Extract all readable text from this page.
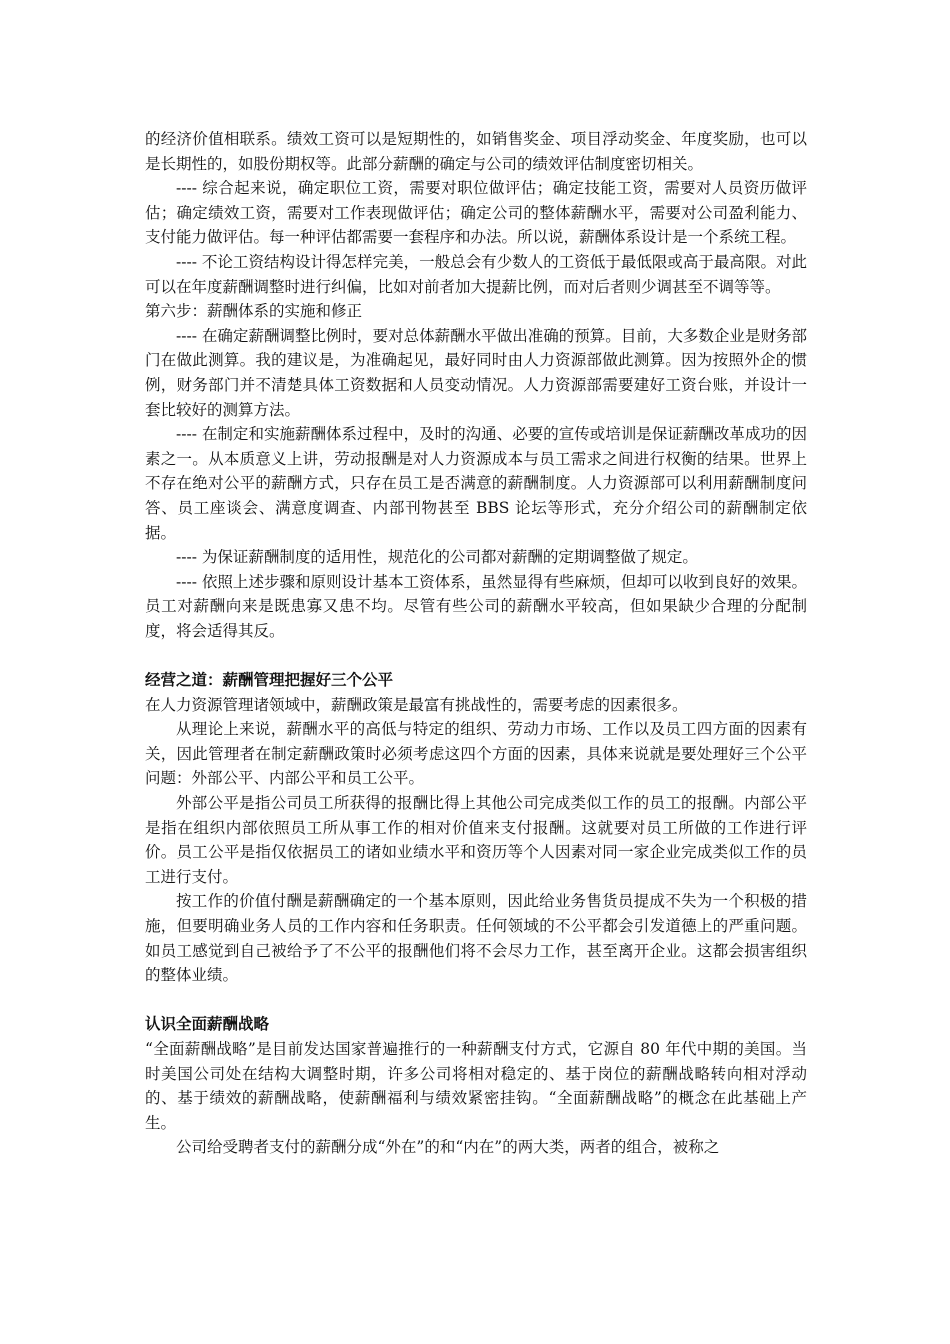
的经济价值相联系。绩效工资可以是短期性的，如销售奖金、项目浮动奖金、年度奖励，也可以是长期性的，如股份期权等。此部分薪酬的确定与公司的绩效评估制度密切相关。

---- 综合起来说，确定职位工资，需要对职位做评估；确定技能工资，需要对人员资历做评估；确定绩效工资，需要对工作表现做评估；确定公司的整体薪酬水平，需要对公司盈利能力、支付能力做评估。每一种评估都需要一套程序和办法。所以说，薪酬体系设计是一个系统工程。

---- 不论工资结构设计得怎样完美，一般总会有少数人的工资低于最低限或高于最高限。对此可以在年度薪酬调整时进行纠偏，比如对前者加大提薪比例，而对后者则少调甚至不调等等。

第六步：薪酬体系的实施和修正

---- 在确定薪酬调整比例时，要对总体薪酬水平做出准确的预算。目前，大多数企业是财务部门在做此测算。我的建议是，为准确起见，最好同时由人力资源部做此测算。因为按照外企的惯例，财务部门并不清楚具体工资数据和人员变动情况。人力资源部需要建好工资台账，并设计一套比较好的测算方法。

---- 在制定和实施薪酬体系过程中，及时的沟通、必要的宣传或培训是保证薪酬改革成功的因素之一。从本质意义上讲，劳动报酬是对人力资源成本与员工需求之间进行权衡的结果。世界上不存在绝对公平的薪酬方式，只存在员工是否满意的薪酬制度。人力资源部可以利用薪酬制度问答、员工座谈会、满意度调查、内部刊物甚至 BBS 论坛等形式，充分介绍公司的薪酬制定依据。

---- 为保证薪酬制度的适用性，规范化的公司都对薪酬的定期调整做了规定。

---- 依照上述步骤和原则设计基本工资体系，虽然显得有些麻烦，但却可以收到良好的效果。员工对薪酬向来是既患寡又患不均。尽管有些公司的薪酬水平较高，但如果缺少合理的分配制度，将会适得其反。

经营之道：薪酬管理把握好三个公平

在人力资源管理诸领域中，薪酬政策是最富有挑战性的，需要考虑的因素很多。

从理论上来说，薪酬水平的高低与特定的组织、劳动力市场、工作以及员工四方面的因素有关，因此管理者在制定薪酬政策时必须考虑这四个方面的因素，具体来说就是要处理好三个公平问题：外部公平、内部公平和员工公平。

外部公平是指公司员工所获得的报酬比得上其他公司完成类似工作的员工的报酬。内部公平是指在组织内部依照员工所从事工作的相对价值来支付报酬。这就要对员工所做的工作进行评价。员工公平是指仅依据员工的诸如业绩水平和资历等个人因素对同一家企业完成类似工作的员工进行支付。

按工作的价值付酬是薪酬确定的一个基本原则，因此给业务售货员提成不失为一个积极的措施，但要明确业务人员的工作内容和任务职责。任何领域的不公平都会引发道德上的严重问题。如员工感觉到自己被给予了不公平的报酬他们将不会尽力工作，甚至离开企业。这都会损害组织的整体业绩。

认识全面薪酬战略

“全面薪酬战略”是目前发达国家普遍推行的一种薪酬支付方式，它源自 80 年代中期的美国。当时美国公司处在结构大调整时期，许多公司将相对稳定的、基于岗位的薪酬战略转向相对浮动的、基于绩效的薪酬战略，使薪酬福利与绩效紧密挂钩。“全面薪酬战略”的概念在此基础上产生。

公司给受聘者支付的薪酬分成“外在”的和“内在”的两大类，两者的组合，被称之
